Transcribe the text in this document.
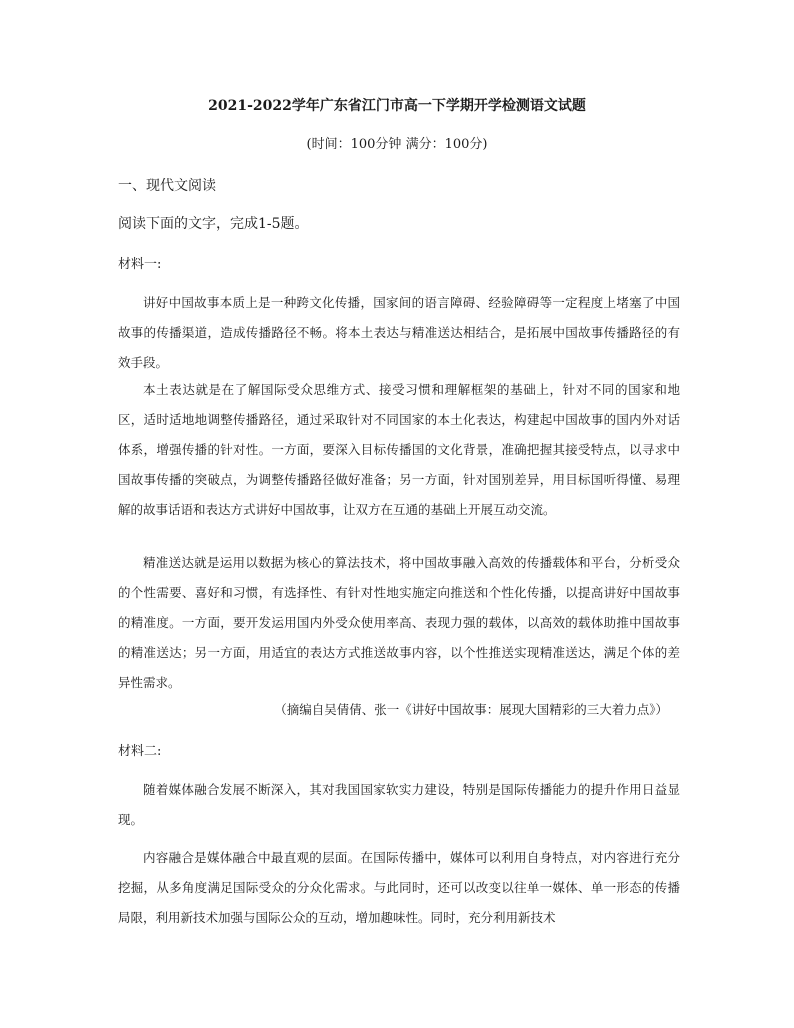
2021-2022学年广东省江门市高一下学期开学检测语文试题
(时间：100分钟 满分：100分)
一、现代文阅读
阅读下面的文字，完成1-5题。
材料一:
讲好中国故事本质上是一种跨文化传播，国家间的语言障碍、经验障碍等一定程度上堵塞了中国故事的传播渠道，造成传播路径不畅。将本土表达与精准送达相结合，是拓展中国故事传播路径的有效手段。
本土表达就是在了解国际受众思维方式、接受习惯和理解框架的基础上，针对不同的国家和地区，适时适地地调整传播路径，通过采取针对不同国家的本土化表达，构建起中国故事的国内外对话体系，增强传播的针对性。一方面，要深入目标传播国的文化背景，准确把握其接受特点，以寻求中国故事传播的突破点，为调整传播路径做好准备；另一方面，针对国别差异，用目标国听得懂、易理解的故事话语和表达方式讲好中国故事，让双方在互通的基础上开展互动交流。
精准送达就是运用以数据为核心的算法技术，将中国故事融入高效的传播载体和平台，分析受众的个性需要、喜好和习惯，有选择性、有针对性地实施定向推送和个性化传播，以提高讲好中国故事的精准度。一方面，要开发运用国内外受众使用率高、表现力强的载体，以高效的载体助推中国故事的精准送达；另一方面，用适宜的表达方式推送故事内容，以个性推送实现精准送达，满足个体的差异性需求。
（摘编自吴倩倩、张一《讲好中国故事：展现大国精彩的三大着力点》）
材料二:
随着媒体融合发展不断深入，其对我国国家软实力建设，特别是国际传播能力的提升作用日益显现。
内容融合是媒体融合中最直观的层面。在国际传播中，媒体可以利用自身特点，对内容进行充分挖掘，从多角度满足国际受众的分众化需求。与此同时，还可以改变以往单一媒体、单一形态的传播局限，利用新技术加强与国际公众的互动，增加趣味性。同时，充分利用新技术
